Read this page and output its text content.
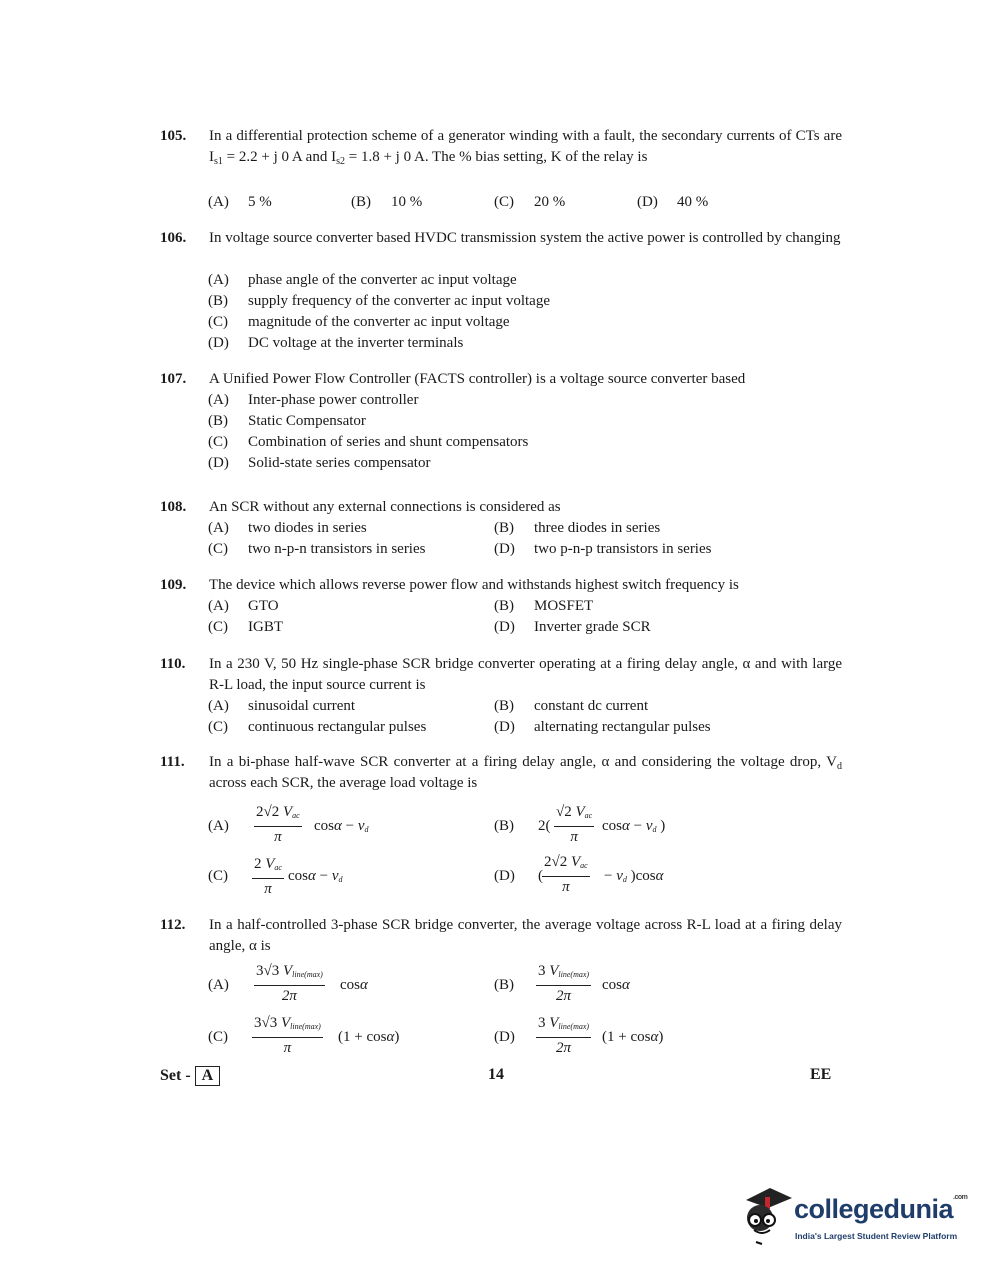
105. In a differential protection scheme of a generator winding with a fault, the secondary currents of CTs are $I_{s1} = 2.2 + j$ 0 A and $I_{s2} = 1.8 + j$ 0 A. The % bias setting, K of the relay is
(A) 5 %	(B) 10 %	(C) 20 %	(D) 40 %
106. In voltage source converter based HVDC transmission system the active power is controlled by changing
(A) phase angle of the converter ac input voltage
(B) supply frequency of the converter ac input voltage
(C) magnitude of the converter ac input voltage
(D) DC voltage at the inverter terminals
107. A Unified Power Flow Controller (FACTS controller) is a voltage source converter based
(A) Inter-phase power controller
(B) Static Compensator
(C) Combination of series and shunt compensators
(D) Solid-state series compensator
108. An SCR without any external connections is considered as
(A) two diodes in series	(B) three diodes in series
(C) two n-p-n transistors in series	(D) two p-n-p transistors in series
109. The device which allows reverse power flow and withstands highest switch frequency is
(A) GTO	(B) MOSFET
(C) IGBT	(D) Inverter grade SCR
110. In a 230 V, 50 Hz single-phase SCR bridge converter operating at a firing delay angle, α and with large R-L load, the input source current is
(A) sinusoidal current	(B) constant dc current
(C) continuous rectangular pulses	(D) alternating rectangular pulses
111. In a bi-phase half-wave SCR converter at a firing delay angle, α and considering the voltage drop, $V_d$ across each SCR, the average load voltage is
(A)
2√2 Vac
π
cosα − vd	(B) 2(
√2 Vac
π
cosα − vd )
(C)
2 Vac
π
cosα − vd	(D) (
2√2 Vac
π
− vd )cosα
112. In a half-controlled 3-phase SCR bridge converter, the average voltage across R-L load at a firing delay angle, α is
(A)
3√3 Vline(max)
2π
cosα	(B)
3 Vline(max)
2π
cosα
(C)
3√3 Vline(max)
π
(1 + cosα)	(D)
3 Vline(max)
2π
(1 + cosα)
Set - A	14	EE
collegedunia$^{.com}$
India's Largest Student Review Platform
